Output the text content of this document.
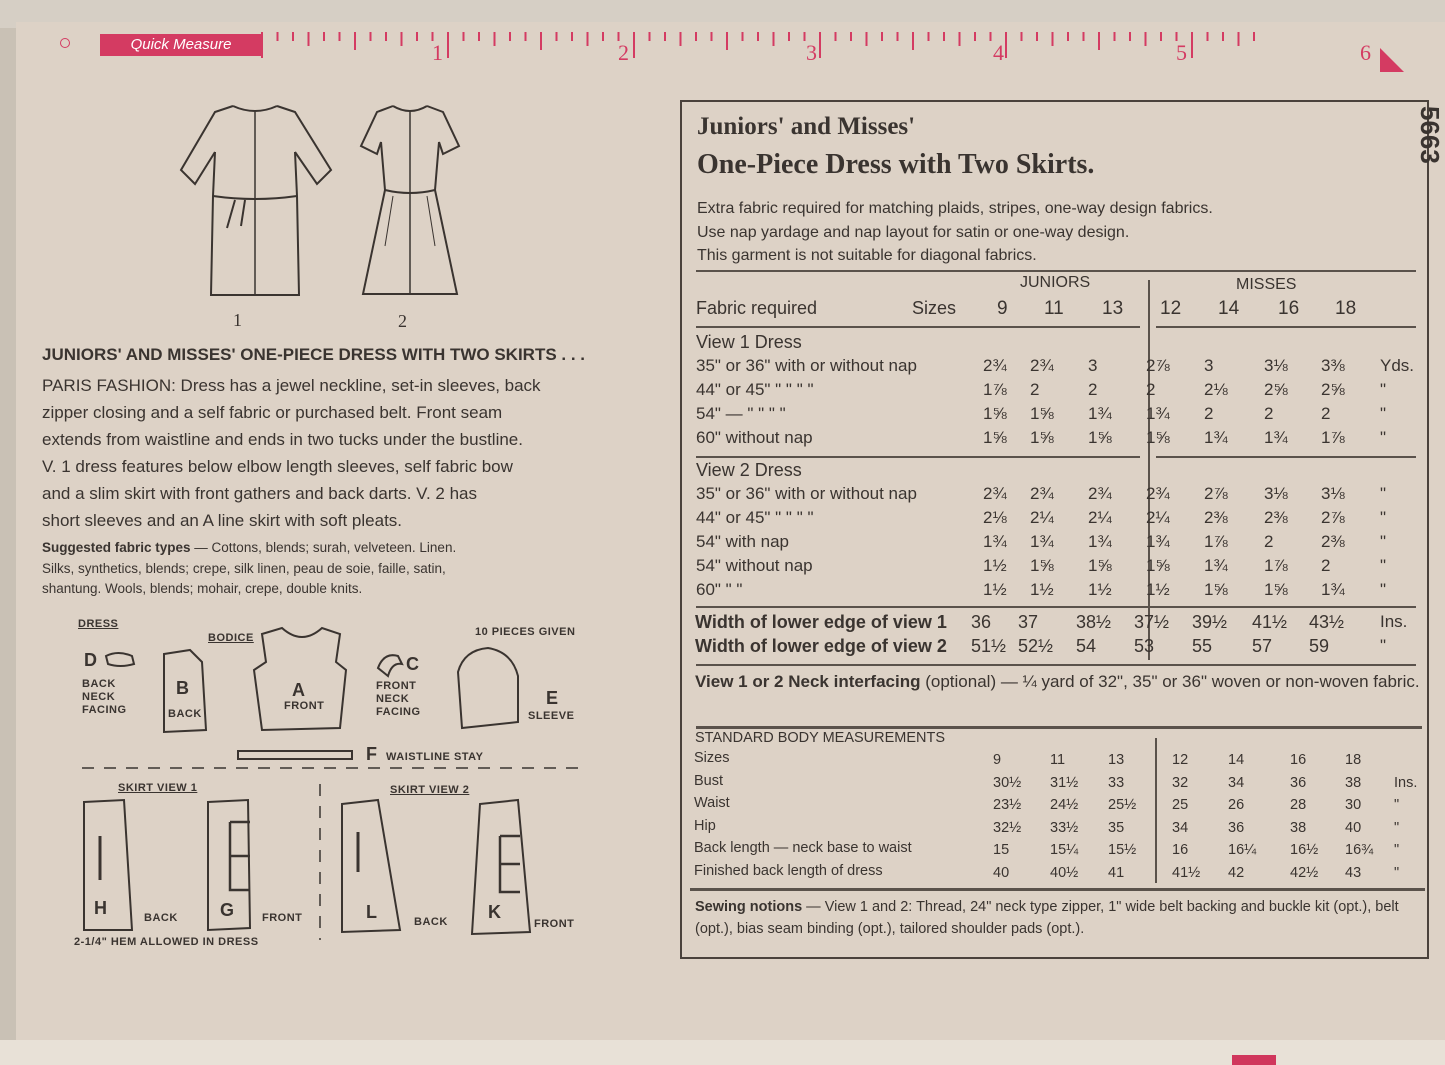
Quick Measure	1	2	3	4	5	6
1	2
JUNIORS' AND MISSES' ONE-PIECE DRESS WITH TWO SKIRTS . . .
PARIS FASHION: Dress has a jewel neckline, set-in sleeves, back
zipper closing and a self fabric or purchased belt. Front seam
extends from waistline and ends in two tucks under the bustline.
V. 1 dress features below elbow length sleeves, self fabric bow
and a slim skirt with front gathers and back darts. V. 2 has
short sleeves and an A line skirt with soft pleats.
Suggested fabric types — Cottons, blends; surah, velveteen. Linen.
Silks, synthetics, blends; crepe, silk linen, peau de soie, faille, satin,
shantung. Wools, blends; mohair, crepe, double knits.
DRESS
BODICE	10 PIECES GIVEN
D
BACK
NECK
FACING
B
BACK
A
FRONT
C
FRONT
NECK
FACING
E
SLEEVE
F WAISTLINE STAY
SKIRT VIEW 1	SKIRT VIEW 2
H	BACK G	FRONT	L	BACK K
FRONT
2-1/4" HEM ALLOWED IN DRESS
5663
Juniors' and Misses'
One-Piece Dress with Two Skirts.
Extra fabric required for matching plaids, stripes, one-way design fabrics.
Use nap yardage and nap layout for satin or one-way design.
This garment is not suitable for diagonal fabrics.
JUNIORS	MISSES
Fabric required	Sizes 9 11 13 12 14 16 18
View 1 Dress
35" or 36" with or without nap	2¾ 2¾ 3	2⅞ 3	3⅛ 3⅜ Yds.
44" or 45" " " " "	1⅞ 2	2	2	2⅛ 2⅝ 2⅝ "
54" — " " " "	1⅝ 1⅝ 1¾ 1¾ 2	2	2	"
60" without nap	1⅝ 1⅝ 1⅝ 1⅝ 1¾ 1¾ 1⅞ "
View 2 Dress
35" or 36" with or without nap	2¾ 2¾ 2¾ 2¾ 2⅞ 3⅛ 3⅛ "
44" or 45" " " " "	2⅛ 2¼ 2¼ 2¼ 2⅜ 2⅜ 2⅞ "
54" with nap	1¾ 1¾ 1¾ 1¾ 1⅞ 2	2⅜ "
54" without nap	1½ 1⅝ 1⅝ 1⅝ 1¾ 1⅞ 2	"
60" " "	1½ 1½ 1½ 1½ 1⅝ 1⅝ 1¾ "
Width of lower edge of view 1 36 37 38½ 37½ 39½ 41½ 43½ Ins.
Width of lower edge of view 2 51½ 52½ 54 53 55 57 59	"
View 1 or 2 Neck interfacing (optional) — ¼ yard of 32", 35" or 36" woven or non-woven fabric.
STANDARD BODY MEASUREMENTS
Sizes	9	11	13	12	14	16	18
Bust	30½ 31½ 33	32	34	36	38 Ins.
Waist	23½ 24½ 25½ 25	26	28	30 "
Hip	32½ 33½ 35	34	36	38	40 "
Back length — neck base to waist	15	15¼ 15½ 16	16¼ 16½ 16¾ "
Finished back length of dress	40	40½ 41	41½ 42	42½ 43 "
Sewing notions — View 1 and 2: Thread, 24" neck type zipper, 1" wide belt backing and buckle kit (opt.), belt (opt.), bias seam binding (opt.), tailored shoulder pads (opt.).
